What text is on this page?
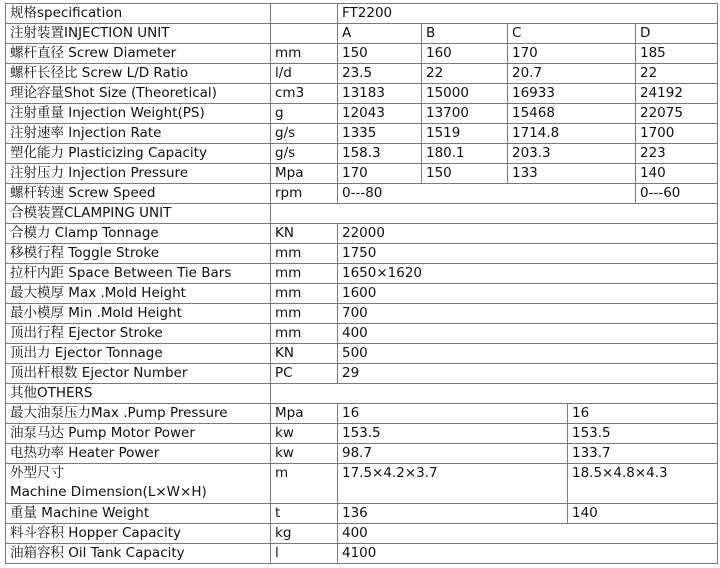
规格specification		FT2200				
注射装置INJECTION UNIT		A	B	C		D
螺杆直径 Screw Diameter	mm	150	160	170		185
螺杆长径比 Screw L/D Ratio	l/d	23.5	22	20.7		22
理论容量Shot Size (Theoretical)	cm3	13183	15000	16933		24192
注射重量 Injection Weight(PS)	g	12043	13700	15468		22075
注射速率 Injection Rate	g/s	1335	1519	1714.8		1700
塑化能力 Plasticizing Capacity	g/s	158.3	180.1	203.3		223
注射压力 Injection Pressure	Mpa	170	150	133		140
螺杆转速 Screw Speed	rpm	0---80				0---60
合模装置CLAMPING UNIT						
合模力 Clamp Tonnage	KN	22000				
移模行程 Toggle Stroke	mm	1750				
拉杆内距 Space Between Tie Bars	mm	1650×1620				
最大模厚 Max .Mold Height	mm	1600				
最小模厚 Min .Mold Height	mm	700				
顶出行程 Ejector Stroke	mm	400				
顶出力 Ejector Tonnage	KN	500				
顶出杆根数 Ejector Number	PC	29				
其他OTHERS						
最大油泵压力Max .Pump Pressure	Mpa	16			16	
油泵马达 Pump Motor Power	kw	153.5			153.5	
电热功率 Heater Power	kw	98.7			133.7	

外型尺寸
Machine Dimension(L×W×H)	m	17.5×4.2×3.7			18.5×4.8×4.3	
重量 Machine Weight	t	136			140	
料斗容积 Hopper Capacity	kg	400				
油箱容积 Oil Tank Capacity	l	4100				
